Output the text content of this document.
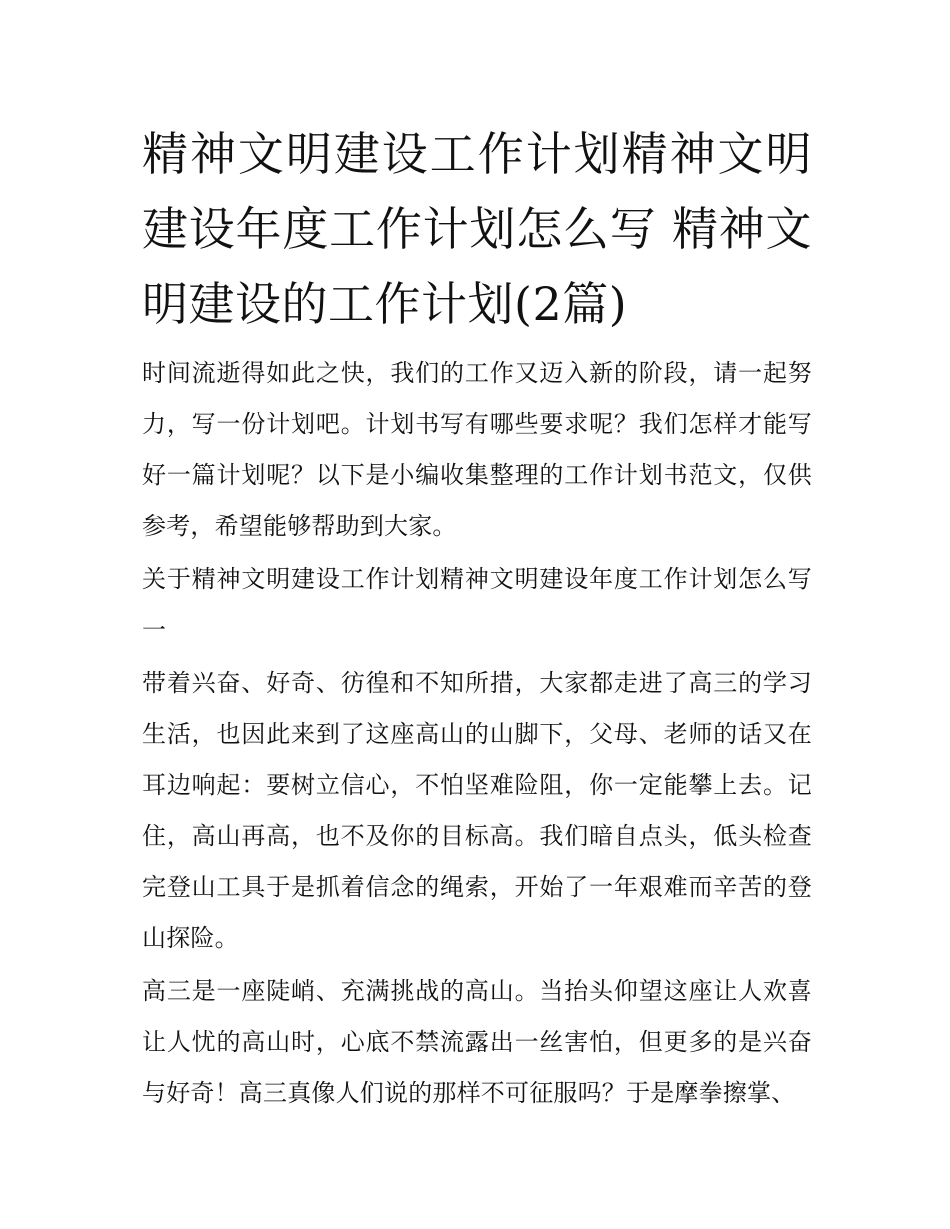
精神文明建设工作计划精神文明建设年度工作计划怎么写 精神文明建设的工作计划(2篇)

时间流逝得如此之快，我们的工作又迈入新的阶段，请一起努力，写一份计划吧。计划书写有哪些要求呢？我们怎样才能写好一篇计划呢？以下是小编收集整理的工作计划书范文，仅供参考，希望能够帮助到大家。

关于精神文明建设工作计划精神文明建设年度工作计划怎么写一

带着兴奋、好奇、彷徨和不知所措，大家都走进了高三的学习生活，也因此来到了这座高山的山脚下，父母、老师的话又在耳边响起：要树立信心，不怕坚难险阻，你一定能攀上去。记住，高山再高，也不及你的目标高。我们暗自点头，低头检查完登山工具于是抓着信念的绳索，开始了一年艰难而辛苦的登山探险。

高三是一座陡峭、充满挑战的高山。当抬头仰望这座让人欢喜让人忧的高山时，心底不禁流露出一丝害怕，但更多的是兴奋与好奇！高三真像人们说的那样不可征服吗？于是摩拳擦掌、
